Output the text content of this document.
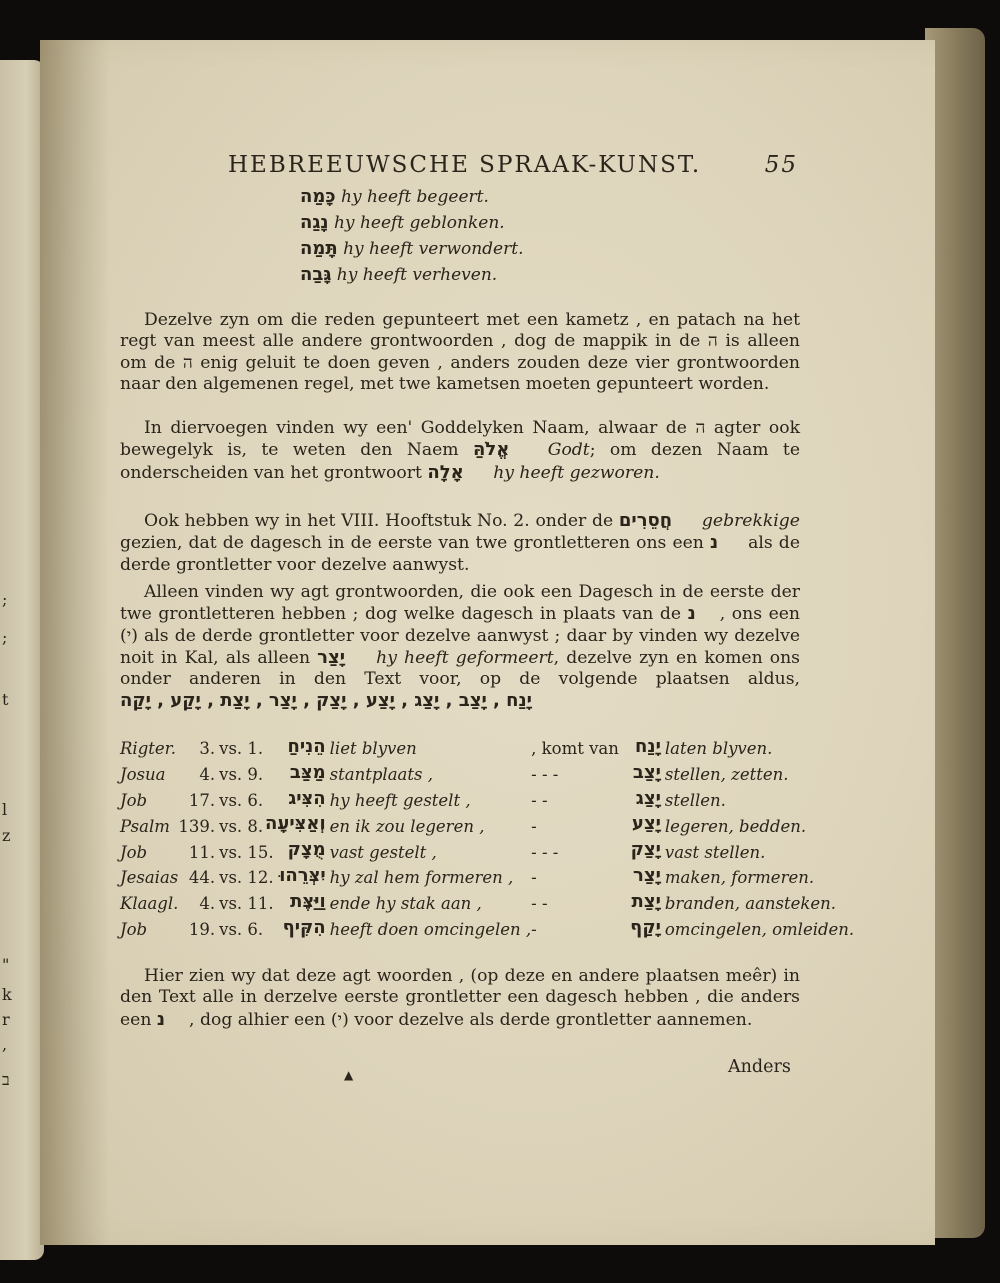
;
;
t
l
z
"
k
r
,
ב
HEBREEUWSCHE SPRAAK-KUNST.	55
כָּמַה hy heeft begeert.
נָגַה hy heeft geblonken.
תָּמַה hy heeft verwondert.
גָּבַה hy heeft verheven.

Dezelve zyn om die reden gepunteert met een kametz , en patach na het regt van meest alle andere grontwoorden , dog de mappik in de ה is alleen om de ה enig geluit te doen geven , anders zouden deze vier grontwoorden naar den algemenen regel, met twe kametsen moeten gepunteert worden.

In diervoegen vinden wy een' Goddelyken Naam, alwaar de ה agter ook bewegelyk is, te weten den Naem אֱלֹהַּ Godt; om dezen Naam te onderscheiden van het grontwoort אָלָה hy heeft gezworen.

Ook hebben wy in het VIII. Hooftstuk No. 2. onder de חֲסֵרִים gebrekkige gezien, dat de dagesch in de eerste van twe grontletteren ons een נ als de derde grontletter voor dezelve aanwyst.

Alleen vinden wy agt grontwoorden, die ook een Dagesch in de eerste der twe grontletteren hebben ; dog welke dagesch in plaats van de נ , ons een (י) als de derde grontletter voor dezelve aanwyst ; daar by vinden wy dezelve noit in Kal, als alleen יָצַר hy heeft geformeert, dezelve zyn en komen ons onder anderen in den Text voor, op de volgende plaatsen aldus, יָנַח , יָצַב , יָצַג , יָצַע , יָצַק , יָצַר , יָצַת , יָקַע , יָקַה

Rigter.	3.	vs. 1.	הֵנִיחַ liet blyven	, komt van	יָנַח laten blyven.
Josua	4.	vs. 9.	מַצַּב stantplaats ,	- - -		יָצַב stellen, zetten.
Job	17.	vs. 6.	הִצִּיג hy heeft gestelt ,	- -		יָצַג stellen.
Psalm	139.	vs. 8.	וְאַצִּיעָה en ik zou legeren ,	-		יָצַע legeren, bedden.
Job	11.	vs. 15.	מֻצָק vast gestelt ,	- - -		יָצַק vast stellen.
Jesaias	44.	vs. 12.	יִצְּרֵהוּ hy zal hem formeren ,	-		יָצַר maken, formeren.
Klaagl.	4.	vs. 11.	וַיַּצֶּת ende hy stak aan ,	- -		יָצַת branden, aansteken.
Job	19.	vs. 6.	הִקִּיף heeft doen omcingelen ,	-		יָקַף omcingelen, omleiden.

Hier zien wy dat deze agt woorden , (op deze en andere plaatsen meêr) in den Text alle in derzelve eerste grontletter een dagesch hebben , die anders een נ , dog alhier een (י) voor dezelve als derde grontletter aannemen.

▲	Anders
